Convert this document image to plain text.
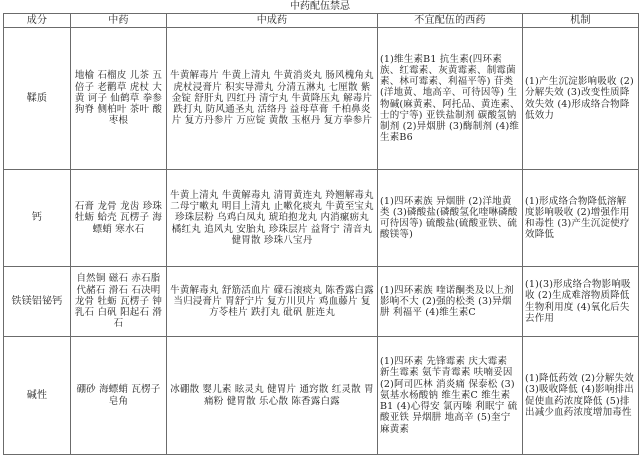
中药配伍禁忌
成分	中药	中成药	不宜配伍的西药	机制
鞣质	地榆 石榴皮 儿茶 五倍子 老鹳草 虎杖 大黄 诃子 仙鹤草 拳参 狗脊 侧柏叶 茶叶 酸枣根	牛黄解毒片 牛黄上清丸 牛黄消炎丸 肠风槐角丸 虎杖浸膏片 积实导滞丸 分清五淋丸 七厘散 紫金锭 舒肝丸 四红丹 清宁丸 牛黄降压丸 解毒片 跌打丸 防风通圣丸 活络丹 益母草膏 千柏鼻炎片 复方丹参片 万应锭 黄散 玉枢丹 复方拳参片	(1)维生素B1 抗生素(四环素族、红霉素、灰黄霉素、制霉菌素、林可霉素、利福平等) 苷类(洋地黄、地高辛、可待因等) 生物碱(麻黄素、阿托品、黄连素、士的宁等) 亚铁盐制剂 碳酸氢钠制剂 (2)异烟肼 (3)酶制剂 (4)维生素B6	(1)产生沉淀影响吸收 (2)分解失效 (3)改变性质降效失效 (4)形成络合物降低效力
钙	石膏 龙骨 龙齿 珍珠 牡蛎 蛤壳 瓦楞子 海螵蛸 寒水石	牛黄上清丸 牛黄解毒丸 清胃黄连丸 羚翘解毒丸 二母宁嗽丸 明目上清丸 止嗽化痰丸 牛黄至宝丸 珍珠层粉 乌鸡白凤丸 琥珀抱龙丸 内消瘰疬丸 橘红丸 追风丸 安胎丸 珍珠层片 益肾宁 清音丸 健胃散 珍珠八宝丹	(1)四环素族 异烟肼 (2)洋地黄类 (3)磷酸盐(磷酸氢化喹啉磷酸可待因等) 硫酸盐(硫酸亚铁、硫酸镁等)	(1)形成络合物降低溶解度影响吸收 (2)增强作用和毒性 (3)产生沉淀使疗效降低
铁镁铝铋钙	自然铜 磁石 赤石脂 代赭石 滑石 石决明 龙骨 牡蛎 瓦楞子 钟乳石 白矾 阳起石 滑石	牛黄解毒丸 舒筋活血片 礞石滚痰丸 陈香露白露 当归浸膏片 胃舒宁片 复方川贝片 鸡血藤片 复方苓桂片 跌打丸 砒矾 脏连丸	(1)四环素族 喹诺酮类及以上剂影响不大 (2)强的松类 (3)异烟肼 利福平 (4)维生素C	(1)(3)形成络合物影响吸收 (2)生成难溶物质降低生物利用度 (4)氧化后失去作用
碱性	硼砂 海螵蛸 瓦楞子 皂角	冰硼散 婴儿素 眩灵丸 健胃片 通窍散 红灵散 胃痛粉 健胃散 乐心散 陈香露白露	(1)四环素 先锋霉素 庆大霉素 新生霉素 氨苄青霉素 呋喃妥因 (2)阿司匹林 消炎痛 保泰松 (3)氨基水杨酸钠 维生素C 维生素B1 (4)心得安 氯丙嗪 利眠宁 硫酸亚铁 异烟肼 地高辛 (5)奎宁 麻黄素	(1)降低药效 (2)分解失效 (3)吸收降低 (4)影响排出促使血药浓度降低 (5)排出减少血药浓度增加毒性
